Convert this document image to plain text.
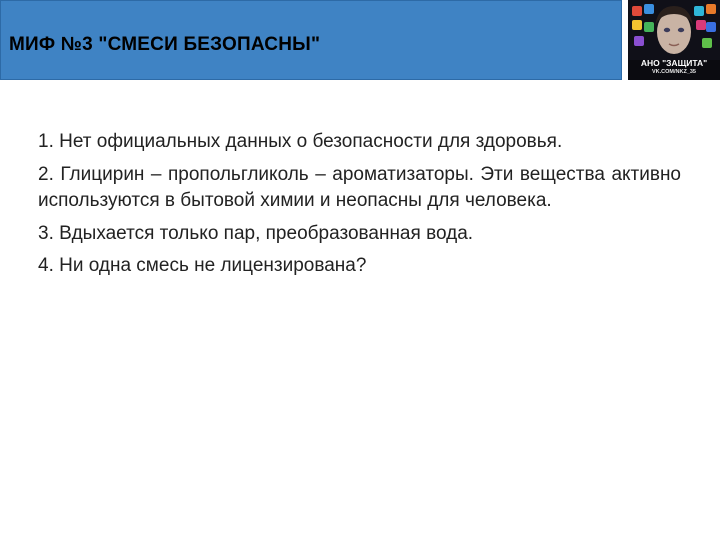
МИФ №3 "СМЕСИ БЕЗОПАСНЫ"
АНО "ЗАЩИТА"
VK.COM/NKZ_35

1. Нет официальных данных о безопасности для здоровья.

2. Глицирин – пропольгликоль – ароматизаторы. Эти вещества активно используются в бытовой химии и неопасны для человека.

3. Вдыхается только пар, преобразованная вода.

4. Ни одна смесь не лицензирована?
